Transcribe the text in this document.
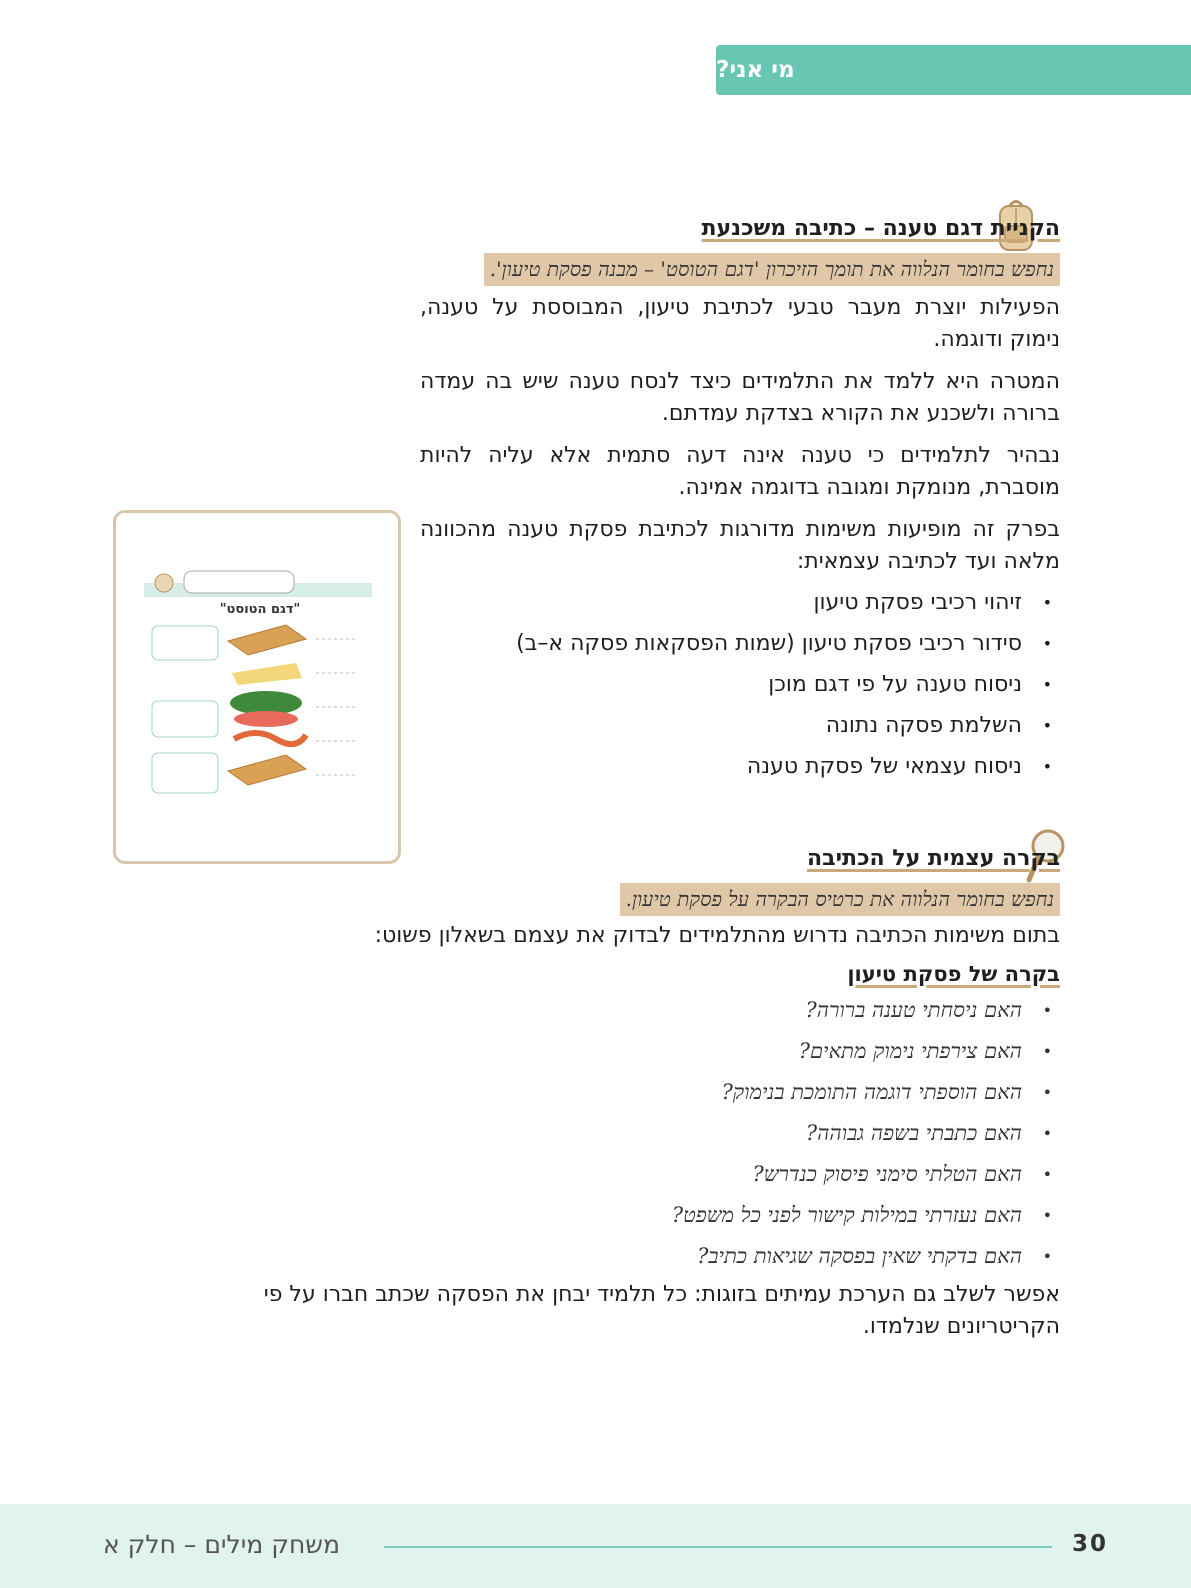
מי אני?
הקניית דגם טענה – כתיבה משכנעת
נחפש בחומר הנלווה את תומך הזיכרון 'דגם הטוסט' – מבנה פסקת טיעון'.

הפעילות יוצרת מעבר טבעי לכתיבת טיעון, המבוססת על טענה, נימוק ודוגמה.

המטרה היא ללמד את התלמידים כיצד לנסח טענה שיש בה עמדה ברורה ולשכנע את הקורא בצדקת עמדתם.

נבהיר לתלמידים כי טענה אינה דעה סתמית אלא עליה להיות מוסברת, מנומקת ומגובה בדוגמה אמינה.

בפרק זה מופיעות משימות מדורגות לכתיבת פסקת טענה מהכוונה מלאה ועד לכתיבה עצמאית:

• זיהוי רכיבי פסקת טיעון
• סידור רכיבי פסקת טיעון (שמות הפסקאות פסקה א–ב)
• ניסוח טענה על פי דגם מוכן
• השלמת פסקה נתונה
• ניסוח עצמאי של פסקת טענה
"דגם הטוסט"
בקרה עצמית על הכתיבה
נחפש בחומר הנלווה את כרטיס הבקרה על פסקת טיעון.

בתום משימות הכתיבה נדרוש מהתלמידים לבדוק את עצמם בשאלון פשוט:

בקרה של פסקת טיעון
• האם ניסחתי טענה ברורה?
• האם צירפתי נימוק מתאים?
• האם הוספתי דוגמה התומכת בנימוק?
• האם כתבתי בשפה גבוהה?
• האם הטלתי סימני פיסוק כנדרש?
• האם נעזרתי במילות קישור לפני כל משפט?
• האם בדקתי שאין בפסקה שגיאות כתיב?

אפשר לשלב גם הערכת עמיתים בזוגות: כל תלמיד יבחן את הפסקה שכתב חברו על פי הקריטריונים שנלמדו.

משחק מילים – חלק א	30
